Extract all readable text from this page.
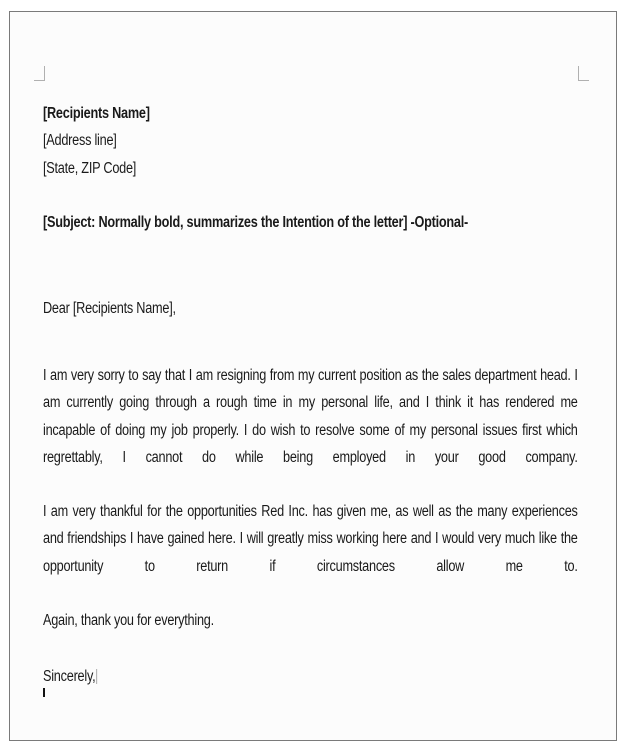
[Recipients Name]
[Address line]
[State, ZIP Code]
[Subject: Normally bold, summarizes the Intention of the letter] -Optional-
Dear [Recipients Name],
I am very sorry to say that I am resigning from my current position as the sales department head. I
am currently going through a rough time in my personal life, and I think it has rendered me
incapable of doing my job properly. I do wish to resolve some of my personal issues first which
regrettably, I cannot do while being employed in your good company.
I am very thankful for the opportunities Red Inc. has given me, as well as the many experiences
and friendships I have gained here. I will greatly miss working here and I would very much like the
opportunity to return if circumstances allow me to.
Again, thank you for everything.
Sincerely,
